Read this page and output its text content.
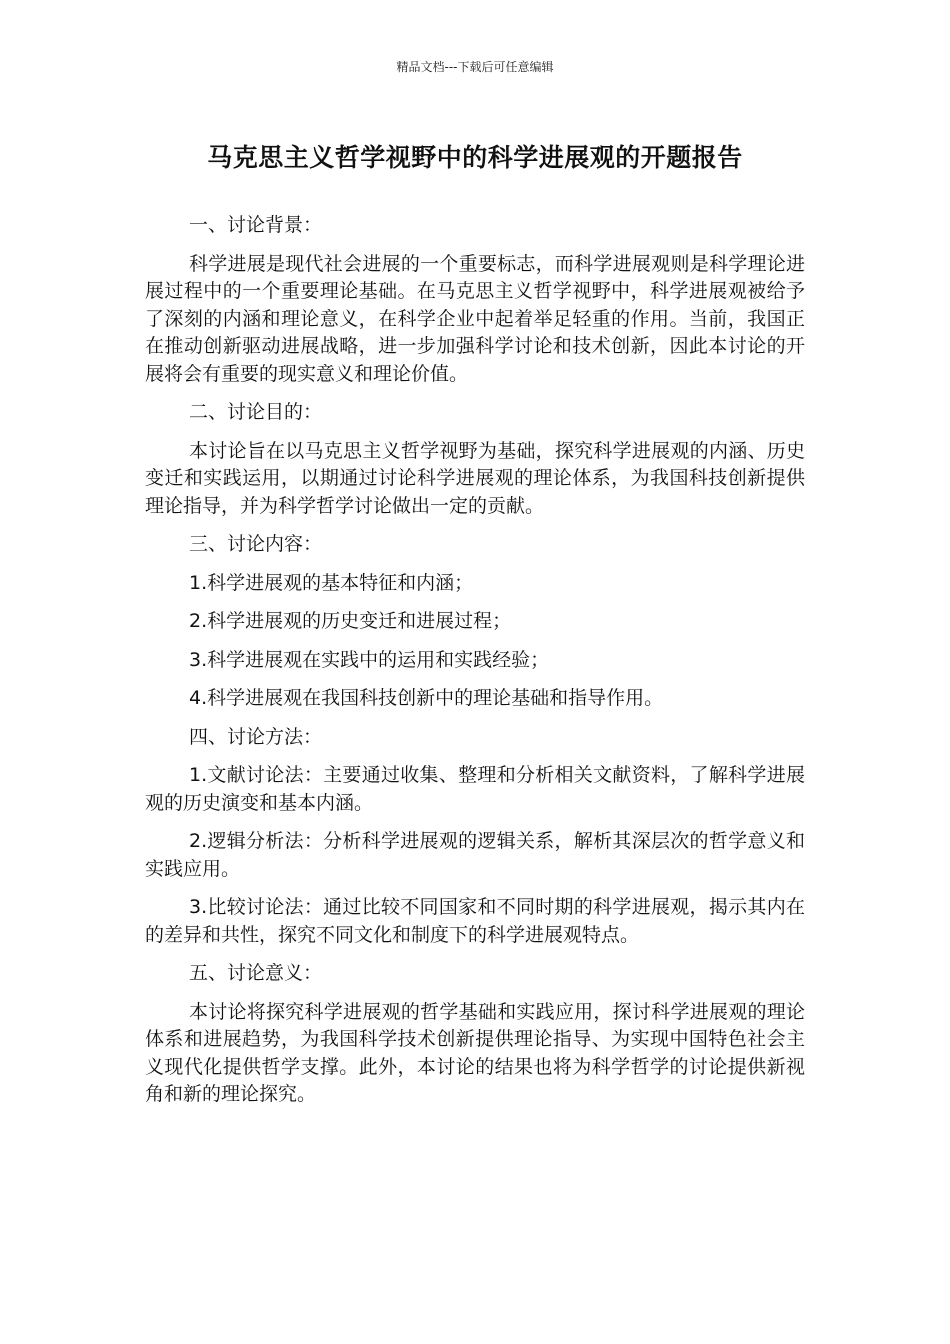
精品文档---下载后可任意编辑
马克思主义哲学视野中的科学进展观的开题报告

一、讨论背景：

科学进展是现代社会进展的一个重要标志，而科学进展观则是科学理论进展过程中的一个重要理论基础。在马克思主义哲学视野中，科学进展观被给予了深刻的内涵和理论意义，在科学企业中起着举足轻重的作用。当前，我国正在推动创新驱动进展战略，进一步加强科学讨论和技术创新，因此本讨论的开展将会有重要的现实意义和理论价值。

二、讨论目的：

本讨论旨在以马克思主义哲学视野为基础，探究科学进展观的内涵、历史变迁和实践运用，以期通过讨论科学进展观的理论体系，为我国科技创新提供理论指导，并为科学哲学讨论做出一定的贡献。

三、讨论内容：

1.科学进展观的基本特征和内涵；

2.科学进展观的历史变迁和进展过程；

3.科学进展观在实践中的运用和实践经验；

4.科学进展观在我国科技创新中的理论基础和指导作用。

四、讨论方法：

1.文献讨论法：主要通过收集、整理和分析相关文献资料，了解科学进展观的历史演变和基本内涵。

2.逻辑分析法：分析科学进展观的逻辑关系，解析其深层次的哲学意义和实践应用。

3.比较讨论法：通过比较不同国家和不同时期的科学进展观，揭示其内在的差异和共性，探究不同文化和制度下的科学进展观特点。

五、讨论意义：

本讨论将探究科学进展观的哲学基础和实践应用，探讨科学进展观的理论体系和进展趋势，为我国科学技术创新提供理论指导、为实现中国特色社会主义现代化提供哲学支撑。此外，本讨论的结果也将为科学哲学的讨论提供新视角和新的理论探究。
